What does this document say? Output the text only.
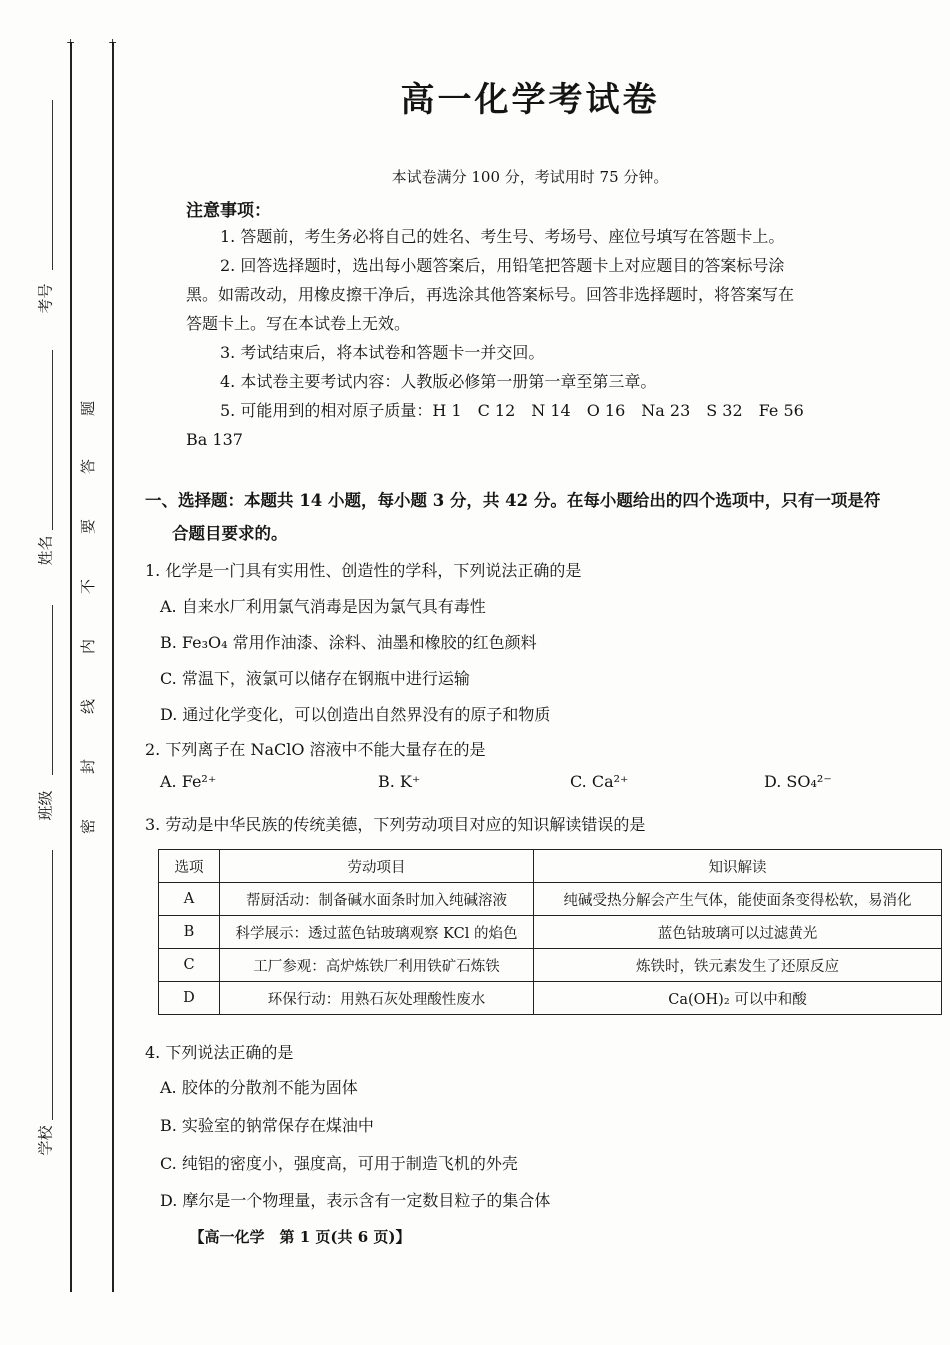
+	+
考号
姓名
班级
学校
题
答
要
不
内
线
封
密
高一化学考试卷
本试卷满分 100 分，考试用时 75 分钟。
注意事项：
1. 答题前，考生务必将自己的姓名、考生号、考场号、座位号填写在答题卡上。
2. 回答选择题时，选出每小题答案后，用铅笔把答题卡上对应题目的答案标号涂
黑。如需改动，用橡皮擦干净后，再选涂其他答案标号。回答非选择题时，将答案写在
答题卡上。写在本试卷上无效。
3. 考试结束后，将本试卷和答题卡一并交回。
4. 本试卷主要考试内容：人教版必修第一册第一章至第三章。
5. 可能用到的相对原子质量：H 1　C 12　N 14　O 16　Na 23　S 32　Fe 56
Ba 137
一、选择题：本题共 14 小题，每小题 3 分，共 42 分。在每小题给出的四个选项中，只有一项是符
合题目要求的。
1. 化学是一门具有实用性、创造性的学科，下列说法正确的是
A. 自来水厂利用氯气消毒是因为氯气具有毒性
B. Fe₃O₄ 常用作油漆、涂料、油墨和橡胶的红色颜料
C. 常温下，液氯可以储存在钢瓶中进行运输
D. 通过化学变化，可以创造出自然界没有的原子和物质
2. 下列离子在 NaClO 溶液中不能大量存在的是
A. Fe²⁺	B. K⁺	C. Ca²⁺	D. SO₄²⁻
3. 劳动是中华民族的传统美德，下列劳动项目对应的知识解读错误的是
选项	劳动项目	知识解读
A	帮厨活动：制备碱水面条时加入纯碱溶液	纯碱受热分解会产生气体，能使面条变得松软，易消化
B	科学展示：透过蓝色钴玻璃观察 KCl 的焰色	蓝色钴玻璃可以过滤黄光
C	工厂参观：高炉炼铁厂利用铁矿石炼铁	炼铁时，铁元素发生了还原反应
D	环保行动：用熟石灰处理酸性废水	Ca(OH)₂ 可以中和酸
4. 下列说法正确的是
A. 胶体的分散剂不能为固体
B. 实验室的钠常保存在煤油中
C. 纯铝的密度小，强度高，可用于制造飞机的外壳
D. 摩尔是一个物理量，表示含有一定数目粒子的集合体
【高一化学　第 1 页(共 6 页)】
